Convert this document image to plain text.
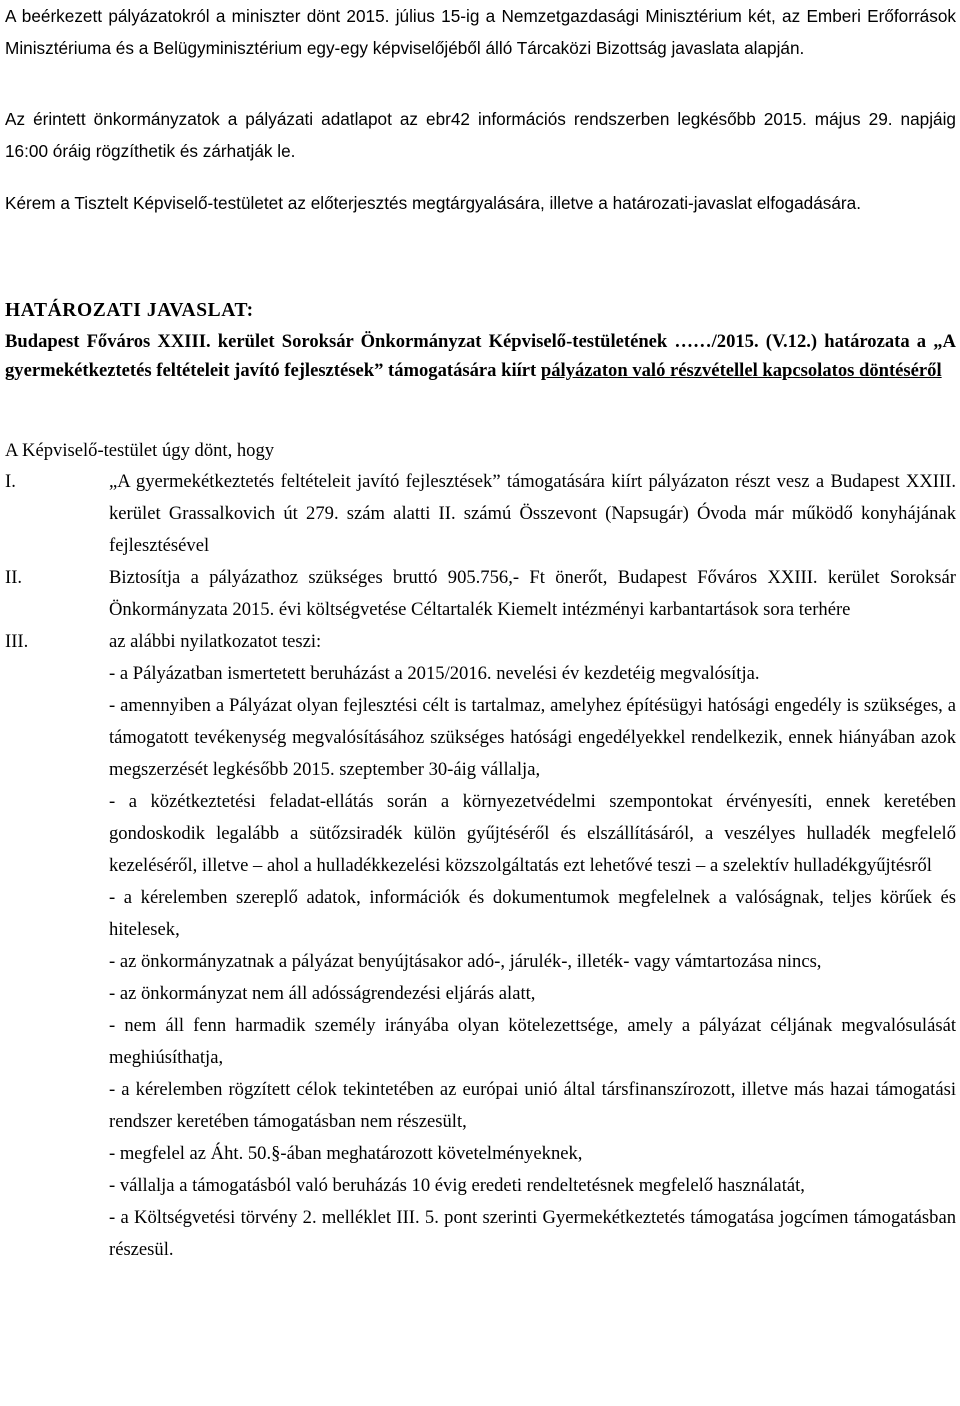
A beérkezett pályázatokról a miniszter dönt 2015. július 15-ig a Nemzetgazdasági Minisztérium két, az Emberi Erőforrások Minisztériuma és a Belügyminisztérium egy-egy képviselőjéből álló Tárcaközi Bizottság javaslata alapján.

Az érintett önkormányzatok a pályázati adatlapot az ebr42 információs rendszerben legkésőbb 2015. május 29. napjáig 16:00 óráig rögzíthetik és zárhatják le.

Kérem a Tisztelt Képviselő-testületet az előterjesztés megtárgyalására, illetve a határozati-javaslat elfogadására.

HATÁROZATI JAVASLAT:

Budapest Főváros XXIII. kerület Soroksár Önkormányzat Képviselő-testületének ……/2015. (V.12.) határozata a „A gyermekétkeztetés feltételeit javító fejlesztések” támogatására kiírt pályázaton való részvétellel kapcsolatos döntéséről

A Képviselő-testület úgy dönt, hogy

I.	„A gyermekétkeztetés feltételeit javító fejlesztések” támogatására kiírt pályázaton részt vesz a Budapest XXIII. kerület Grassalkovich út 279. szám alatti II. számú Összevont (Napsugár) Óvoda már működő konyhájának fejlesztésével

II.	Biztosítja a pályázathoz szükséges bruttó 905.756,- Ft önerőt, Budapest Főváros XXIII. kerület Soroksár Önkormányzata 2015. évi költségvetése Céltartalék Kiemelt intézményi karbantartások sora terhére

III.	az alábbi nyilatkozatot teszi:

- a Pályázatban ismertetett beruházást a 2015/2016. nevelési év kezdetéig megvalósítja.

- amennyiben a Pályázat olyan fejlesztési célt is tartalmaz, amelyhez építésügyi hatósági engedély is szükséges, a támogatott tevékenység megvalósításához szükséges hatósági engedélyekkel rendelkezik, ennek hiányában azok megszerzését legkésőbb 2015. szeptember 30-áig vállalja,

- a közétkeztetési feladat-ellátás során a környezetvédelmi szempontokat érvényesíti, ennek keretében gondoskodik legalább a sütőzsiradék külön gyűjtéséről és elszállításáról, a veszélyes hulladék megfelelő kezeléséről, illetve – ahol a hulladékkezelési közszolgáltatás ezt lehetővé teszi – a szelektív hulladékgyűjtésről

- a kérelemben szereplő adatok, információk és dokumentumok megfelelnek a valóságnak, teljes körűek és hitelesek,

- az önkormányzatnak a pályázat benyújtásakor adó-, járulék-, illeték- vagy vámtartozása nincs,

- az önkormányzat nem áll adósságrendezési eljárás alatt,

- nem áll fenn harmadik személy irányába olyan kötelezettsége, amely a pályázat céljának megvalósulását meghiúsíthatja,

- a kérelemben rögzített célok tekintetében az európai unió által társfinanszírozott, illetve más hazai támogatási rendszer keretében támogatásban nem részesült,

- megfelel az Áht. 50.§-ában meghatározott követelményeknek,

- vállalja a támogatásból való beruházás 10 évig eredeti rendeltetésnek megfelelő használatát,

- a Költségvetési törvény 2. melléklet III. 5. pont szerinti Gyermekétkeztetés támogatása jogcímen támogatásban részesül.
